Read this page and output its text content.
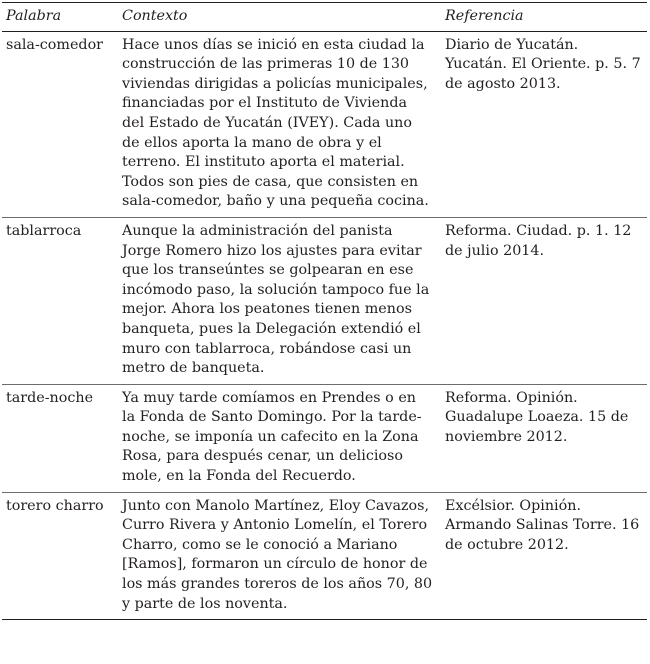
Palabra	Contexto	Referencia
sala-comedor	Hace unos días se inició en esta ciudad la construcción de las primeras 10 de 130 viviendas dirigidas a policías municipales, financiadas por el Instituto de Vivienda del Estado de Yucatán (IVEY). Cada uno de ellos aporta la mano de obra y el terreno. El instituto aporta el material. Todos son pies de casa, que consisten en sala-comedor, baño y una pequeña cocina.	Diario de Yucatán. Yucatán. El Oriente. p. 5. 7 de agosto 2013.
tablarroca	Aunque la administración del panista Jorge Romero hizo los ajustes para evitar que los transeúntes se golpearan en ese incómodo paso, la solución tampoco fue la mejor. Ahora los peatones tienen menos banqueta, pues la Delegación extendió el muro con tablarroca, robándose casi un metro de banqueta.	Reforma. Ciudad. p. 1. 12 de julio 2014.
tarde-noche	Ya muy tarde comíamos en Prendes o en la Fonda de Santo Domingo. Por la tarde-noche, se imponía un cafecito en la Zona Rosa, para después cenar, un delicioso mole, en la Fonda del Recuerdo.	Reforma. Opinión. Guadalupe Loaeza. 15 de noviembre 2012.
torero charro	Junto con Manolo Martínez, Eloy Cavazos, Curro Rivera y Antonio Lomelín, el Torero Charro, como se le conoció a Mariano [Ramos], formaron un círculo de honor de los más grandes toreros de los años 70, 80 y parte de los noventa.	Excélsior. Opinión. Armando Salinas Torre. 16 de octubre 2012.
